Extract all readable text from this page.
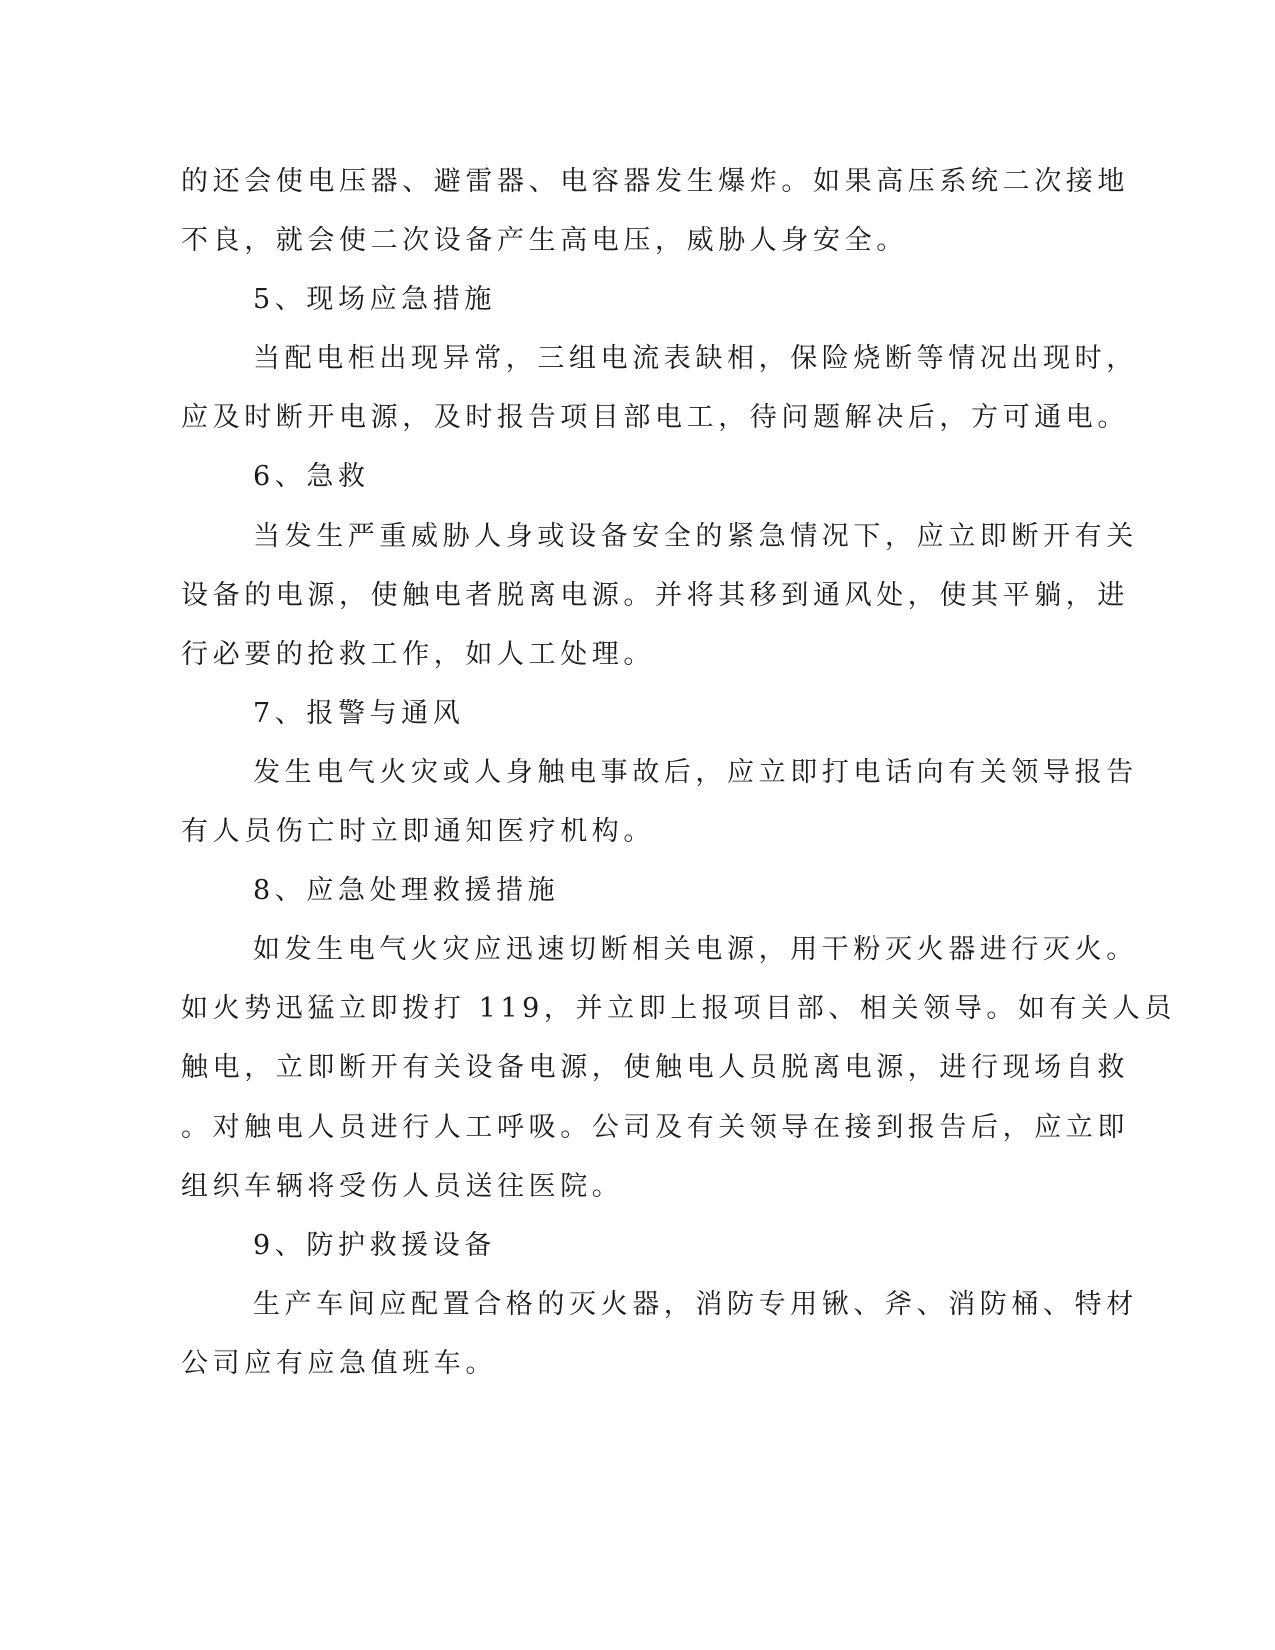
的还会使电压器、避雷器、电容器发生爆炸。如果高压系统二次接地
不良，就会使二次设备产生高电压，威胁人身安全。
5、现场应急措施
当配电柜出现异常，三组电流表缺相，保险烧断等情况出现时，
应及时断开电源，及时报告项目部电工，待问题解决后，方可通电。
6、急救
当发生严重威胁人身或设备安全的紧急情况下，应立即断开有关
设备的电源，使触电者脱离电源。并将其移到通风处，使其平躺，进
行必要的抢救工作，如人工处理。
7、报警与通风
发生电气火灾或人身触电事故后，应立即打电话向有关领导报告
有人员伤亡时立即通知医疗机构。
8、应急处理救援措施
如发生电气火灾应迅速切断相关电源，用干粉灭火器进行灭火。
如火势迅猛立即拨打 119，并立即上报项目部、相关领导。如有关人员
触电，立即断开有关设备电源，使触电人员脱离电源，进行现场自救
。对触电人员进行人工呼吸。公司及有关领导在接到报告后，应立即
组织车辆将受伤人员送往医院。
9、防护救援设备
生产车间应配置合格的灭火器，消防专用锹、斧、消防桶、特材
公司应有应急值班车。
